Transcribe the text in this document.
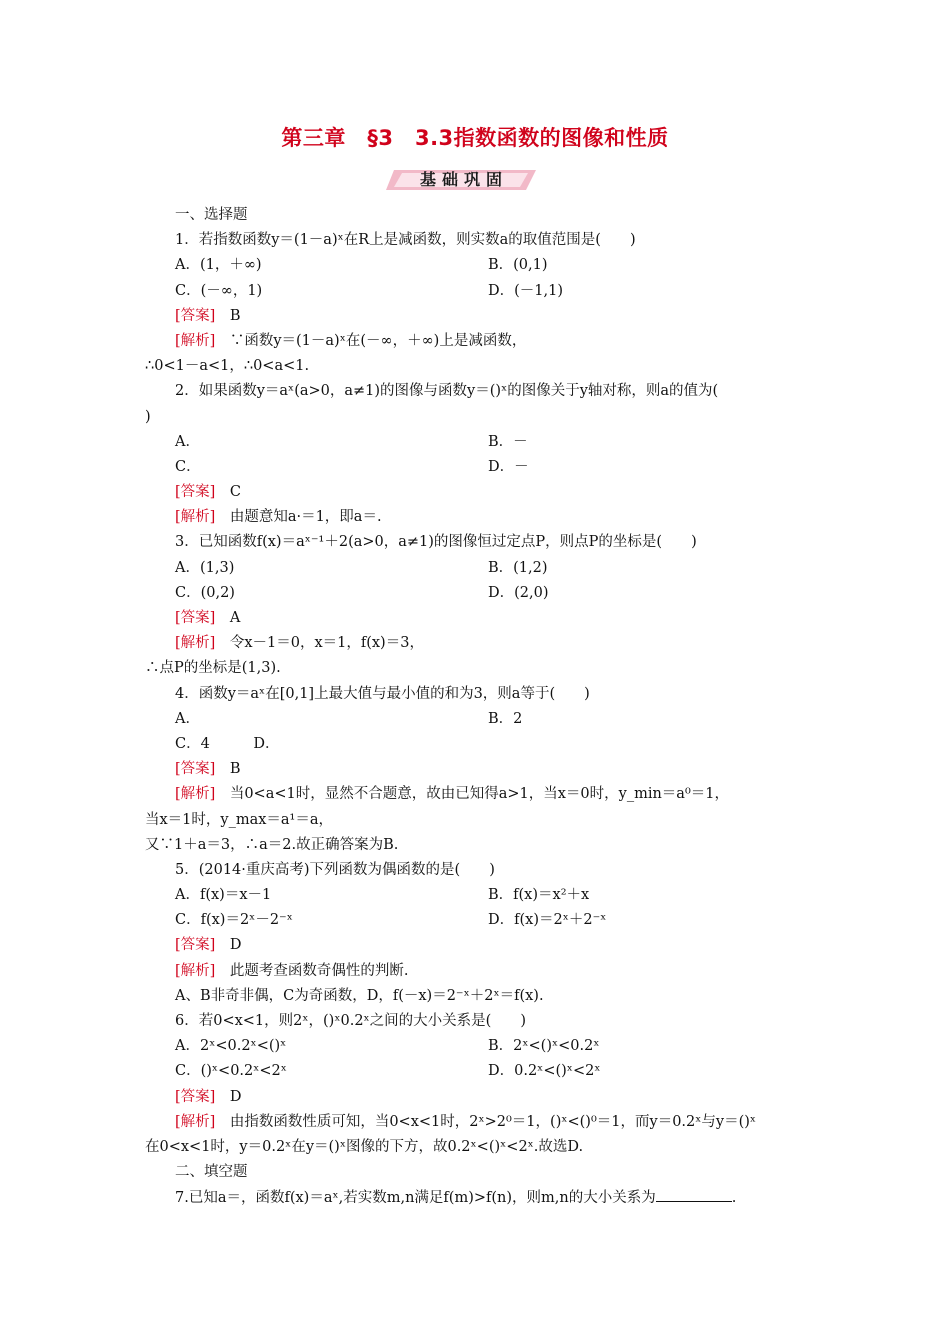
第三章　§3　3.3指数函数的图像和性质
基础巩固
一、选择题
1．若指数函数y＝(1－a)ˣ在R上是减函数，则实数a的取值范围是(　　)
A．(1，＋∞)	B．(0,1)
C．(－∞，1)	D．(－1,1)
[答案]　 B
[解析]　 ∵函数y＝(1－a)ˣ在(－∞，＋∞)上是减函数，
∴0<1－a<1，∴0<a<1.
2．如果函数y＝aˣ(a>0，a≠1)的图像与函数y＝()ˣ的图像关于y轴对称，则a的值为(
)
A．	B．－
C．	D．－
[答案]　 C
[解析]　 由题意知a·＝1，即a＝.
3．已知函数f(x)＝aˣ⁻¹＋2(a>0，a≠1)的图像恒过定点P，则点P的坐标是(　　)
A．(1,3)	B．(1,2)
C．(0,2)	D．(2,0)
[答案]　 A
[解析]　 令x－1＝0，x＝1，f(x)＝3，
∴点P的坐标是(1,3).
4．函数y＝aˣ在[0,1]上最大值与最小值的和为3，则a等于(　　)
A．	B．2
C．4　　　D．
[答案]　 B
[解析]　 当0<a<1时，显然不合题意，故由已知得a>1，当x＝0时，y_min＝a⁰＝1，
当x＝1时，y_max＝a¹＝a，
又∵1＋a＝3，∴a＝2.故正确答案为B.
5．(2014·重庆高考)下列函数为偶函数的是(　　)
A．f(x)＝x－1	B．f(x)＝x²＋x
C．f(x)＝2ˣ－2⁻ˣ	D．f(x)＝2ˣ＋2⁻ˣ
[答案]　 D
[解析]　 此题考查函数奇偶性的判断.
A、B非奇非偶，C为奇函数，D，f(－x)＝2⁻ˣ＋2ˣ＝f(x).
6．若0<x<1，则2ˣ，()ˣ0.2ˣ之间的大小关系是(　　)
A．2ˣ<0.2ˣ<()ˣ	B．2ˣ<()ˣ<0.2ˣ
C．()ˣ<0.2ˣ<2ˣ	D．0.2ˣ<()ˣ<2ˣ
[答案]　 D
[解析]　 由指数函数性质可知，当0<x<1时，2ˣ>2⁰＝1，()ˣ<()⁰＝1，而y＝0.2ˣ与y＝()ˣ
在0<x<1时，y＝0.2ˣ在y＝()ˣ图像的下方，故0.2ˣ<()ˣ<2ˣ.故选D.
二、填空题
7.已知a＝，函数f(x)＝aˣ,若实数m,n满足f(m)>f(n)，则m,n的大小关系为	.
